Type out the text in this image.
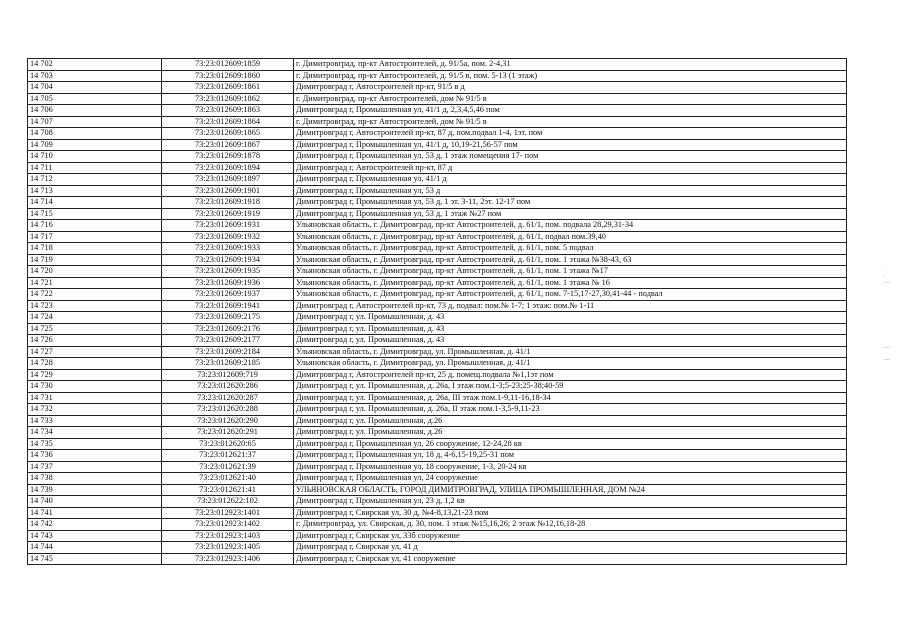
14 702	73:23:012609:1859	г. Димитровград, пр-кт Автостроителей, д. 91/5а, пом. 2-4,31
14 703	73:23:012609:1860	г. Димитровград, пр-кт Автостроителей, д. 91/5 в, пом. 5-13 (1 этаж)
14 704	73:23:012609:1861	Димитровград г, Автостроителей пр-кт, 91/5 в д
14 705	73:23:012609:1862	г. Димитровград, пр-кт Автостроителей, дом № 91/5 в
14 706	73:23:012609:1863	Димитровград г, Промышленная ул, 41/1 д, 2,3,4,5,46 пом
14 707	73:23:012609:1864	г. Димитровград, пр-кт Автостроителей, дом № 91/5 в
14 708	73:23:012609:1865	Димитровград г, Автостроителей пр-кт, 87 д, пом.подвал 1-4, 1эт. пом
14 709	73:23:012609:1867	Димитровград г, Промышленная ул, 41/1 д, 10,19-21,56-57 пом
14 710	73:23:012609:1878	Димитровград г, Промышленная ул, 53 д, 1 этаж помещения 17- пом
14 711	73:23:012609:1894	Димитровград г, Автостроителей пр-кт, 87 д
14 712	73:23:012609:1897	Димитровград г, Промышленная ул, 41/1 д
14 713	73:23:012609:1901	Димитровград г, Промышленная ул, 53 д
14 714	73:23:012609:1918	Димитровград г, Промышленная ул, 53 д, 1 эт. 3-11, 2эт. 12-17 пом
14 715	73:23:012609:1919	Димитровград г, Промышленная ул, 53 д, 1 этаж №27 пом
14 716	73:23:012609:1931	Ульяновская область, г. Димитровград, пр-кт Автостроителей, д. 61/1, пом. подвала 28,29,31-34
14 717	73:23:012609:1932	Ульяновская область, г. Димитровград, пр-кт Автостроителей, д. 61/1, подвал пом.39,40
14 718	73:23:012609:1933	Ульяновская область, г. Димитровград, пр-кт Автостроителей, д. 61/1, пом. 5 подвал
14 719	73:23:012609:1934	Ульяновская область, г. Димитровград, пр-кт Автостроителей, д. 61/1, пом. 1 этажа №38-43, 63
14 720	73:23:012609:1935	Ульяновская область, г. Димитровград, пр-кт Автостроителей, д. 61/1, пом. 1 этажа №17
14 721	73:23:012609:1936	Ульяновская область, г. Димитровград, пр-кт Автостроителей, д. 61/1, пом. 1 этажа № 16
14 722	73:23:012609:1937	Ульяновская область, г. Димитровград, пр-кт Автостроителей, д. 61/1, пом. 7-15,17-27,30,41-44 - подвал
14 723	73:23:012609:1941	Димитровград г, Автостроителей пр-кт, 73 д, подвал: пом.№ 1-7; 1 этаж: пом.№ 1-11
14 724	73:23:012609:2175	Димитровград г, ул. Промышленная, д. 43
14 725	73:23:012609:2176	Димитровград г, ул. Промышленная, д. 43
14 726	73:23:012609:2177	Димитровград г, ул. Промышленная, д. 43
14 727	73:23:012609:2184	Ульяновская область, г. Димитровград, ул. Промышленная, д. 41/1
14 728	73:23:012609:2185	Ульяновская область, г. Димитровград, ул. Промышленная, д. 41/1
14 729	73:23:012609:719	Димитровград г, Автостроителей пр-кт, 25 д, помещ.подвала №1,1эт пом
14 730	73:23:012620:286	Димитровград г, ул. Промышленная, д. 26а, I этаж пом.1-3;5-23;25-38;40-59
14 731	73:23:012620:287	Димитровград г, ул. Промышленная, д. 26а, III этаж пом.1-9,11-16,18-34
14 732	73:23:012620:288	Димитровград г, ул. Промышленная, д. 26а, II этаж пом.1-3,5-9,11-23
14 733	73:23:012620:290	Димитровград г, ул. Промышленная, д.26
14 734	73:23:012620:291	Димитровград г, ул. Промышленная, д.26
14 735	73:23:012620:65	Димитровград г, Промышленная ул, 26 сооружение, 12-24,28 кв
14 736	73:23:012621:37	Димитровград г, Промышленная ул, 18 д, 4-6,15-19,25-31 пом
14 737	73:23:012621:39	Димитровград г, Промышленная ул, 18 сооружение, 1-3, 20-24 кв
14 738	73:23:012621:40	Димитровград г, Промышленная ул, 24 сооружение
14 739	73:23:012621:41	УЛЬЯНОВСКАЯ ОБЛАСТЬ, ГОРОД ДИМИТРОВГРАД, УЛИЦА ПРОМЫШЛЕННАЯ, ДОМ №24
14 740	73:23:012622:102	Димитровград г, Промышленная ул, 23 д, 1,2 кв
14 741	73:23:012923:1401	Димитровград г, Свирская ул, 30 д, №4-8,13,21-23 пом
14 742	73:23:012923:1402	г. Димитровград, ул. Свирская, д. 30, пом. 1 этаж №15,16,26; 2 этаж №12,16,18-28
14 743	73:23:012923:1403	Димитровград г, Свирская ул, 33б сооружение
14 744	73:23:012923:1405	Димитровград г, Свирская ул, 41 д
14 745	73:23:012923:1406	Димитровград г, Свирская ул, 41 сооружение
·
:
—
—
·
—
